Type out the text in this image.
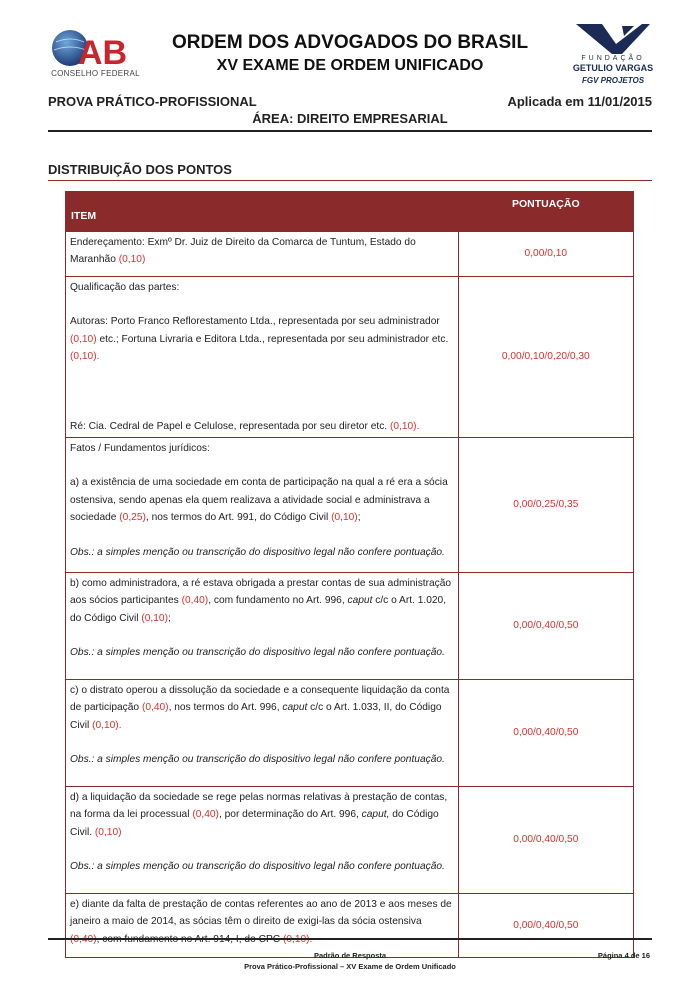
AB
CONSELHO FEDERAL
ORDEM DOS ADVOGADOS DO BRASIL
XV EXAME DE ORDEM UNIFICADO	FUNDAÇÃO
GETULIO VARGAS
FGV PROJETOS
PROVA PRÁTICO-PROFISSIONAL	Aplicada em 11/01/2015
ÁREA: DIREITO EMPRESARIAL
DISTRIBUIÇÃO DOS PONTOS
ITEM	PONTUAÇÃO
Endereçamento: Exmº Dr. Juiz de Direito da Comarca de Tuntum, Estado do Maranhão (0,10)	0,00/0,10

Qualificação das partes:
Autoras: Porto Franco Reflorestamento Ltda., representada por seu administrador (0,10) etc.; Fortuna Livraria e Editora Ltda., representada por seu administrador etc. (0,10).
Ré: Cia. Cedral de Papel e Celulose, representada por seu diretor etc. (0,10).	0,00/0,10/0,20/0,30

Fatos / Fundamentos jurídicos:
a) a existência de uma sociedade em conta de participação na qual a ré era a sócia ostensiva, sendo apenas ela quem realizava a atividade social e administrava a sociedade (0,25), nos termos do Art. 991, do Código Civil (0,10);
Obs.: a simples menção ou transcrição do dispositivo legal não confere pontuação.	0,00/0,25/0,35

b) como administradora, a ré estava obrigada a prestar contas de sua administração aos sócios participantes (0,40), com fundamento no Art. 996, caput c/c o Art. 1.020, do Código Civil (0,10);
Obs.: a simples menção ou transcrição do dispositivo legal não confere pontuação.	0,00/0,40/0,50

c) o distrato operou a dissolução da sociedade e a consequente liquidação da conta de participação (0,40), nos termos do Art. 996, caput c/c o Art. 1.033, II, do Código Civil (0,10).
Obs.: a simples menção ou transcrição do dispositivo legal não confere pontuação.	0,00/0,40/0,50

d) a liquidação da sociedade se rege pelas normas relativas à prestação de contas, na forma da lei processual (0,40), por determinação do Art. 996, caput, do Código Civil. (0,10)
Obs.: a simples menção ou transcrição do dispositivo legal não confere pontuação.	0,00/0,40/0,50

e) diante da falta de prestação de contas referentes ao ano de 2013 e aos meses de janeiro a maio de 2014, as sócias têm o direito de exigi-las da sócia ostensiva	0,00/0,40/0,50
Padrão de Resposta
Prova Prático-Profissional – XV Exame de Ordem Unificado
Página 4 de 16
